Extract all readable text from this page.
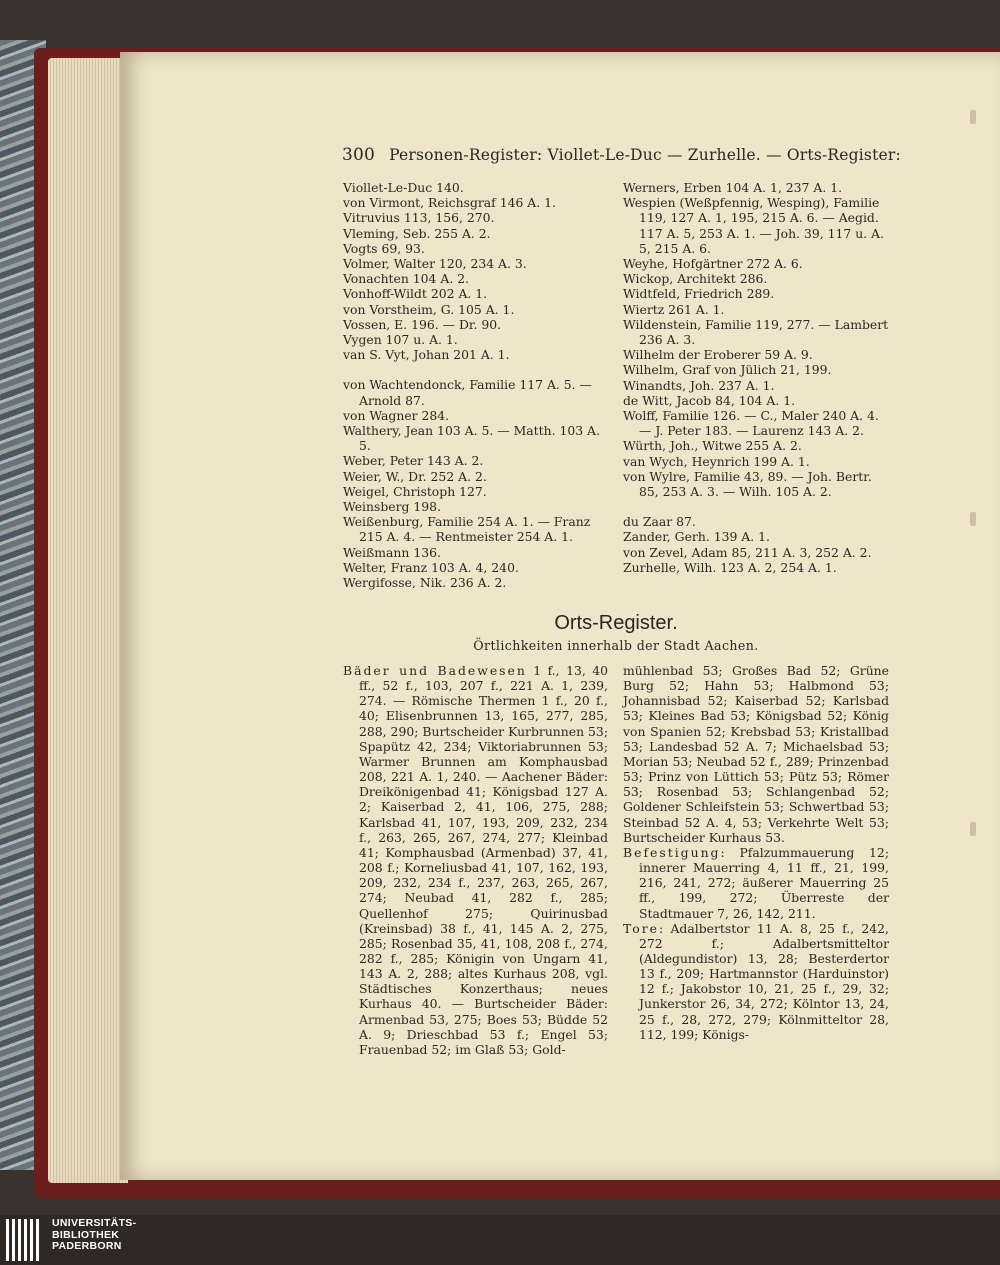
300 Personen-Register: Viollet-Le-Duc — Zurhelle. — Orts-Register:
Viollet-Le-Duc 140.
von Virmont, Reichsgraf 146 A. 1.
Vitruvius 113, 156, 270.
Vleming, Seb. 255 A. 2.
Vogts 69, 93.
Volmer, Walter 120, 234 A. 3.
Vonachten 104 A. 2.
Vonhoff-Wildt 202 A. 1.
von Vorstheim, G. 105 A. 1.
Vossen, E. 196. — Dr. 90.
Vygen 107 u. A. 1.
van S. Vyt, Johan 201 A. 1.
von Wachtendonck, Familie 117 A. 5. — Arnold 87.
von Wagner 284.
Walthery, Jean 103 A. 5. — Matth. 103 A. 5.
Weber, Peter 143 A. 2.
Weier, W., Dr. 252 A. 2.
Weigel, Christoph 127.
Weinsberg 198.
Weißenburg, Familie 254 A. 1. — Franz 215 A. 4. — Rentmeister 254 A. 1.
Weißmann 136.
Welter, Franz 103 A. 4, 240.
Wergifosse, Nik. 236 A. 2.
Werners, Erben 104 A. 1, 237 A. 1.
Wespien (Weßpfennig, Wesping), Familie 119, 127 A. 1, 195, 215 A. 6. — Aegid. 117 A. 5, 253 A. 1. — Joh. 39, 117 u. A. 5, 215 A. 6.
Weyhe, Hofgärtner 272 A. 6.
Wickop, Architekt 286.
Widtfeld, Friedrich 289.
Wiertz 261 A. 1.
Wildenstein, Familie 119, 277. — Lambert 236 A. 3.
Wilhelm der Eroberer 59 A. 9.
Wilhelm, Graf von Jülich 21, 199.
Winandts, Joh. 237 A. 1.
de Witt, Jacob 84, 104 A. 1.
Wolff, Familie 126. — C., Maler 240 A. 4. — J. Peter 183. — Laurenz 143 A. 2.
Würth, Joh., Witwe 255 A. 2.
van Wych, Heynrich 199 A. 1.
von Wylre, Familie 43, 89. — Joh. Bertr. 85, 253 A. 3. — Wilh. 105 A. 2.
du Zaar 87.
Zander, Gerh. 139 A. 1.
von Zevel, Adam 85, 211 A. 3, 252 A. 2.
Zurhelle, Wilh. 123 A. 2, 254 A. 1.
Orts-Register.
Örtlichkeiten innerhalb der Stadt Aachen.
Bäder und Badewesen 1 f., 13, 40 ff., 52 f., 103, 207 f., 221 A. 1, 239, 274. — Römische Thermen 1 f., 20 f., 40; Elisenbrunnen 13, 165, 277, 285, 288, 290; Burtscheider Kurbrunnen 53; Spapütz 42, 234; Viktoriabrunnen 53; Warmer Brunnen am Komphausbad 208, 221 A. 1, 240. — Aachener Bäder: Dreikönigenbad 41; Königsbad 127 A. 2; Kaiserbad 2, 41, 106, 275, 288; Karlsbad 41, 107, 193, 209, 232, 234 f., 263, 265, 267, 274, 277; Kleinbad 41; Komphausbad (Armenbad) 37, 41, 208 f.; Korneliusbad 41, 107, 162, 193, 209, 232, 234 f., 237, 263, 265, 267, 274; Neubad 41, 282 f., 285; Quellenhof 275; Quirinusbad (Kreinsbad) 38 f., 41, 145 A. 2, 275, 285; Rosenbad 35, 41, 108, 208 f., 274, 282 f., 285; Königin von Ungarn 41, 143 A. 2, 288; altes Kurhaus 208, vgl. Städtisches Konzerthaus; neues Kurhaus 40. — Burtscheider Bäder: Armenbad 53, 275; Boes 53; Büdde 52 A. 9; Drieschbad 53 f.; Engel 53; Frauenbad 52; im Glaß 53; Gold-
mühlenbad 53; Großes Bad 52; Grüne Burg 52; Hahn 53; Halbmond 53; Johannisbad 52; Kaiserbad 52; Karlsbad 53; Kleines Bad 53; Königsbad 52; König von Spanien 52; Krebsbad 53; Kristallbad 53; Landesbad 52 A. 7; Michaelsbad 53; Morian 53; Neubad 52 f., 289; Prinzenbad 53; Prinz von Lüttich 53; Pütz 53; Römer 53; Rosenbad 53; Schlangenbad 52; Goldener Schleifstein 53; Schwertbad 53; Steinbad 52 A. 4, 53; Verkehrte Welt 53; Burtscheider Kurhaus 53.
Befestigung: Pfalzummauerung 12; innerer Mauerring 4, 11 ff., 21, 199, 216, 241, 272; äußerer Mauerring 25 ff., 199, 272; Überreste der Stadtmauer 7, 26, 142, 211.
Tore: Adalbertstor 11 A. 8, 25 f., 242, 272 f.; Adalbertsmitteltor (Aldegundistor) 13, 28; Besterdertor 13 f., 209; Hartmannstor (Harduinstor) 12 f.; Jakobstor 10, 21, 25 f., 29, 32; Junkerstor 26, 34, 272; Kölntor 13, 24, 25 f., 28, 272, 279; Kölnmitteltor 28, 112, 199; Königs-
UNIVERSITÄTS-
BIBLIOTHEK
PADERBORN
